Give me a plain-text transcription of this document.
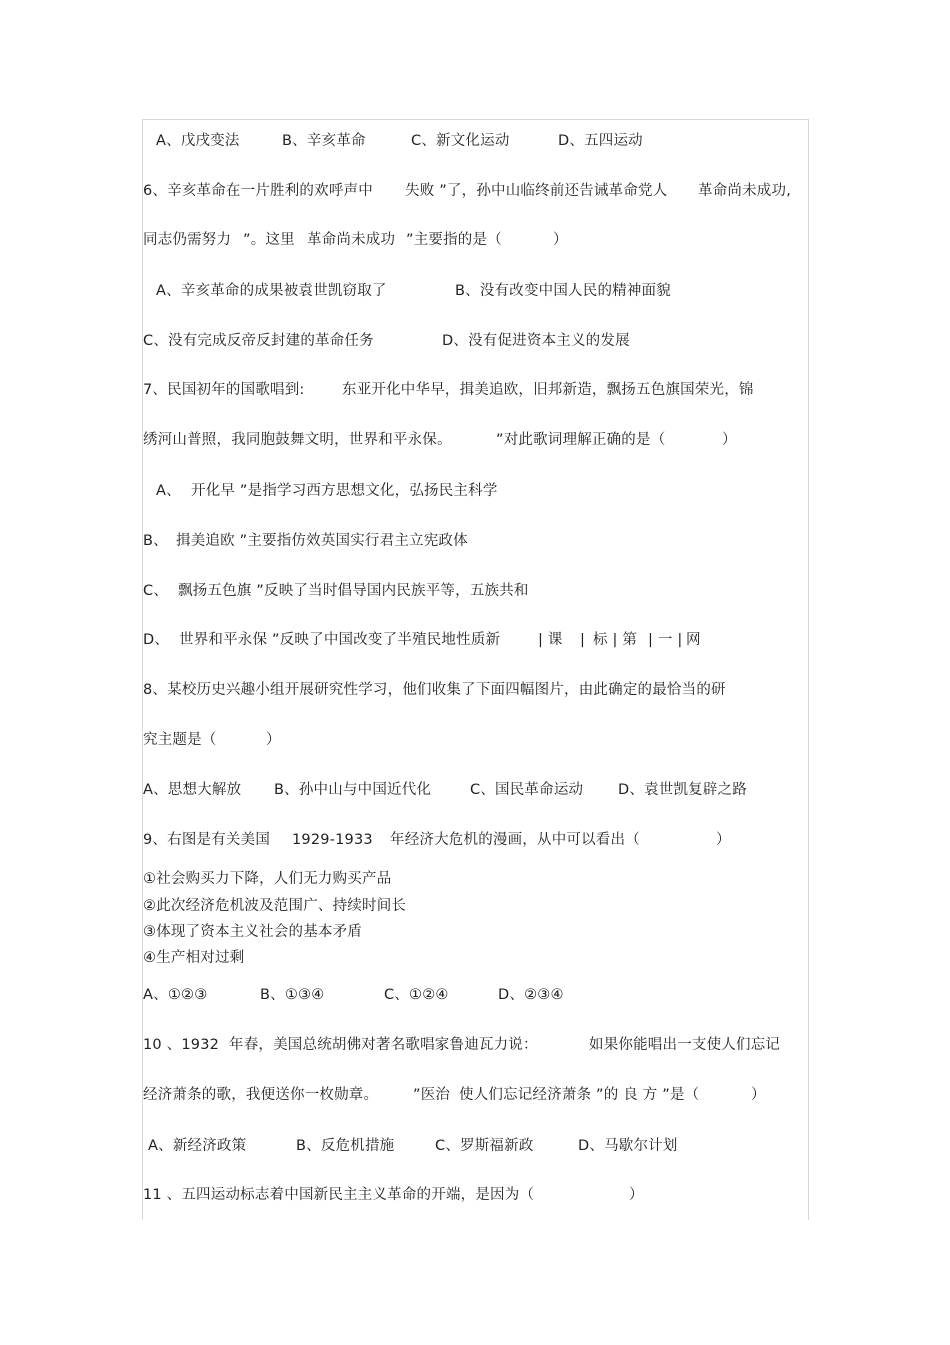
A、戊戌变法	B、辛亥革命	C、新文化运动	D、五四运动
6、辛亥革命在一片胜利的欢呼声中 失败 ”了，孙中山临终前还告诫革命党人 革命尚未成功,
同志仍需努力 ”。这里 革命尚未成功 ”主要指的是（	）
A、辛亥革命的成果被袁世凯窃取了	B、没有改变中国人民的精神面貌
C、没有完成反帝反封建的革命任务	D、没有促进资本主义的发展
7、民国初年的国歌唱到:	东亚开化中华早，揖美追欧，旧邦新造，飘扬五色旗国荣光，锦
绣河山普照，我同胞鼓舞文明，世界和平永保。	”对此歌词理解正确的是（	）
A、 开化早 ”是指学习西方思想文化，弘扬民主科学
B、 揖美追欧 ”主要指仿效英国实行君主立宪政体
C、 飘扬五色旗 ”反映了当时倡导国内民族平等，五族共和
D、 世界和平永保 ”反映了中国改变了半殖民地性质新	| 课 | 标 | 第 | 一 | 网
8、某校历史兴趣小组开展研究性学习，他们收集了下面四幅图片，由此确定的最恰当的研
究主题是（	）
A、思想大解放 B、孙中山与中国近代化	C、国民革命运动 D、袁世凯复辟之路
9、右图是有关美国 1929-1933 年经济大危机的漫画，从中可以看出（	）
①社会购买力下降，人们无力购买产品
②此次经济危机波及范围广、持续时间长
③体现了资本主义社会的基本矛盾
④生产相对过剩
A、①②③	B、①③④	C、①②④	D、②③④
10 、1932 年春，美国总统胡佛对著名歌唱家鲁迪瓦力说：	如果你能唱出一支使人们忘记
经济萧条的歌，我便送你一枚勋章。 ”医治 使人们忘记经济萧条 ”的 良 方 ”是（	）
A、新经济政策	B、反危机措施	C、罗斯福新政	D、马歇尔计划
11 、五四运动标志着中国新民主主义革命的开端，是因为（	）
